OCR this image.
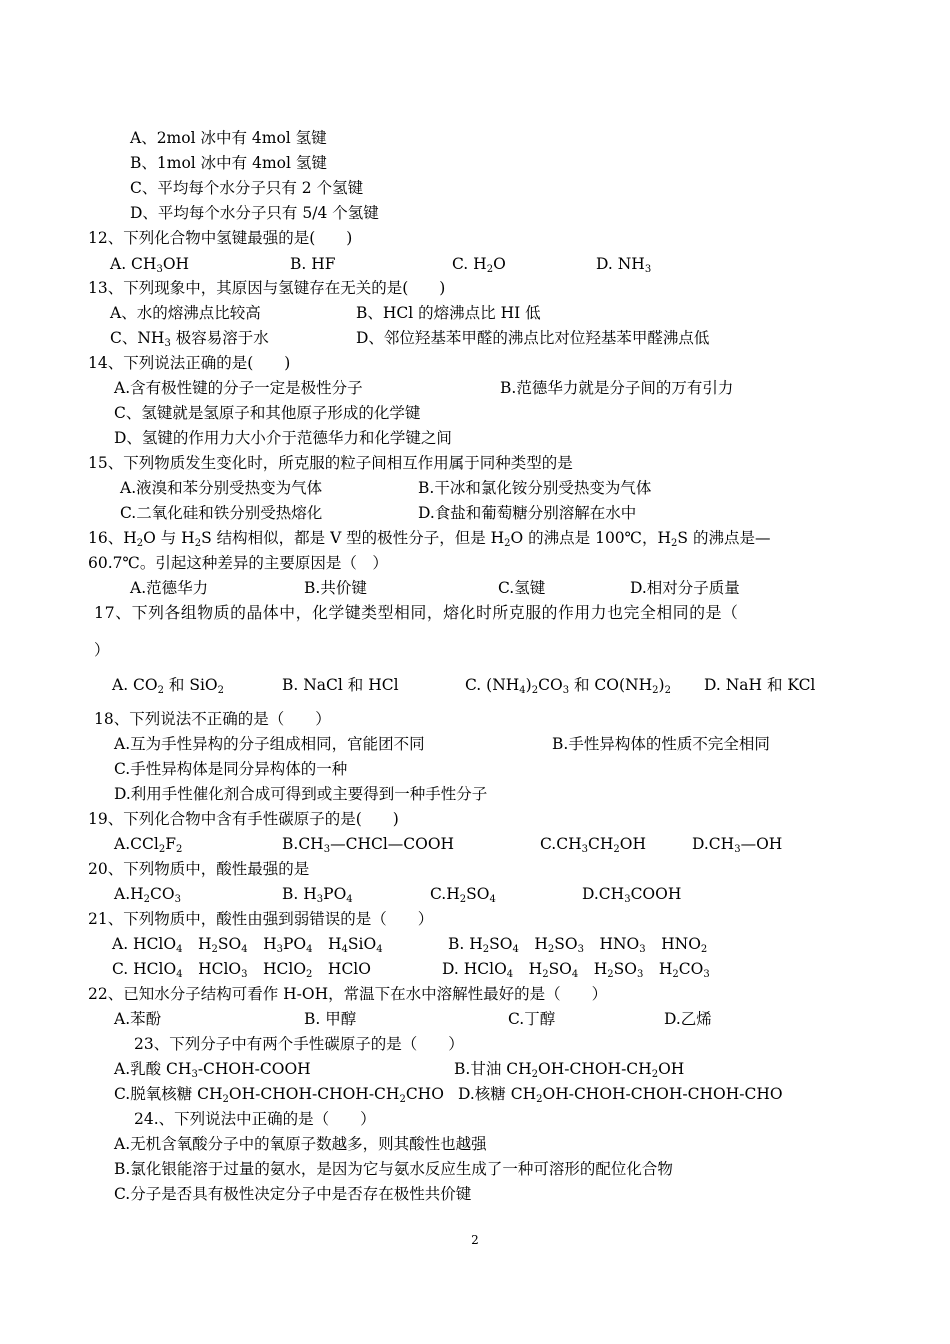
A、2mol 冰中有 4mol 氢键
B、1mol 冰中有 4mol 氢键
C、平均每个水分子只有 2 个氢键
D、平均每个水分子只有 5/4 个氢键
12、下列化合物中氢键最强的是(　　)
A. $CH_3OH$	B. HF	C. $H_2O$	D. $NH_3$
13、下列现象中，其原因与氢键存在无关的是(　　)
A、水的熔沸点比较高	B、HCl 的熔沸点比 HI 低
C、$NH_3$ 极容易溶于水	D、邻位羟基苯甲醛的沸点比对位羟基苯甲醛沸点低
14、下列说法正确的是(　　)
A.含有极性键的分子一定是极性分子	B.范德华力就是分子间的万有引力
C、氢键就是氢原子和其他原子形成的化学键
D、氢键的作用力大小介于范德华力和化学键之间
15、下列物质发生变化时，所克服的粒子间相互作用属于同种类型的是
A.液溴和苯分别受热变为气体	B.干冰和氯化铵分别受热变为气体
C.二氧化硅和铁分别受热熔化	D.食盐和葡萄糖分别溶解在水中
16、$H_2O$ 与 $H_2S$ 结构相似，都是 V 型的极性分子，但是 $H_2O$ 的沸点是 100℃，$H_2S$ 的沸点是—
60.7℃。引起这种差异的主要原因是（　）
A.范德华力	B.共价键	C.氢键	D.相对分子质量
17、下列各组物质的晶体中，化学键类型相同，熔化时所克服的作用力也完全相同的是（
）
A. $CO_2$ 和 SiO$_2$	B. NaCl 和 HCl	C. $(NH_4)_2CO_3$ 和 $CO(NH_2)_2$ D. NaH 和 KCl
18、下列说法不正确的是（　　）
A.互为手性异构的分子组成相同，官能团不同	B.手性异构体的性质不完全相同
C.手性异构体是同分异构体的一种
D.利用手性催化剂合成可得到或主要得到一种手性分子
19、下列化合物中含有手性碳原子的是(　　)
$A.CCl_2F_2$	$B.CH_3—CHCl—COOH$	$C.CH_3CH_2OH$	$D.CH_3—OH$
20、下列物质中，酸性最强的是
$A.H_2CO_3$	B. $H_3PO_4$	$C.H_2SO_4$	$D.CH_3COOH$
21、下列物质中，酸性由强到弱错误的是（　　）
A. HClO$_4$　$H_2SO_4$　$H_3PO_4$　$H_4SiO_4$	B. $H_2SO_4$　$H_2SO_3$　$HNO_3$　$HNO_2$
C. HClO$_4$　HClO$_3$　HClO$_2$　HClO	D. HClO$_4$　$H_2SO_4$　$H_2SO_3$　$H_2CO_3$
22、已知水分子结构可看作 H-OH，常温下在水中溶解性最好的是（　　）
A.苯酚	B. 甲醇	C.丁醇	D.乙烯
23、下列分子中有两个手性碳原子的是（　　）
A.乳酸 $CH_3-CHOH$-COOH	B.甘油 $CH_2OH-CHOH-CH_2OH$
C.脱氧核糖 $CH_2OH-CHOH-CHOH-CH_2CHO$ D.核糖 $CH_2OH-CHOH-CHOH-CHOH$-CHO
24.、下列说法中正确的是（　　）
A.无机含氧酸分子中的氧原子数越多，则其酸性也越强
B.氯化银能溶于过量的氨水，是因为它与氨水反应生成了一种可溶形的配位化合物
C.分子是否具有极性决定分子中是否存在极性共价键
2
